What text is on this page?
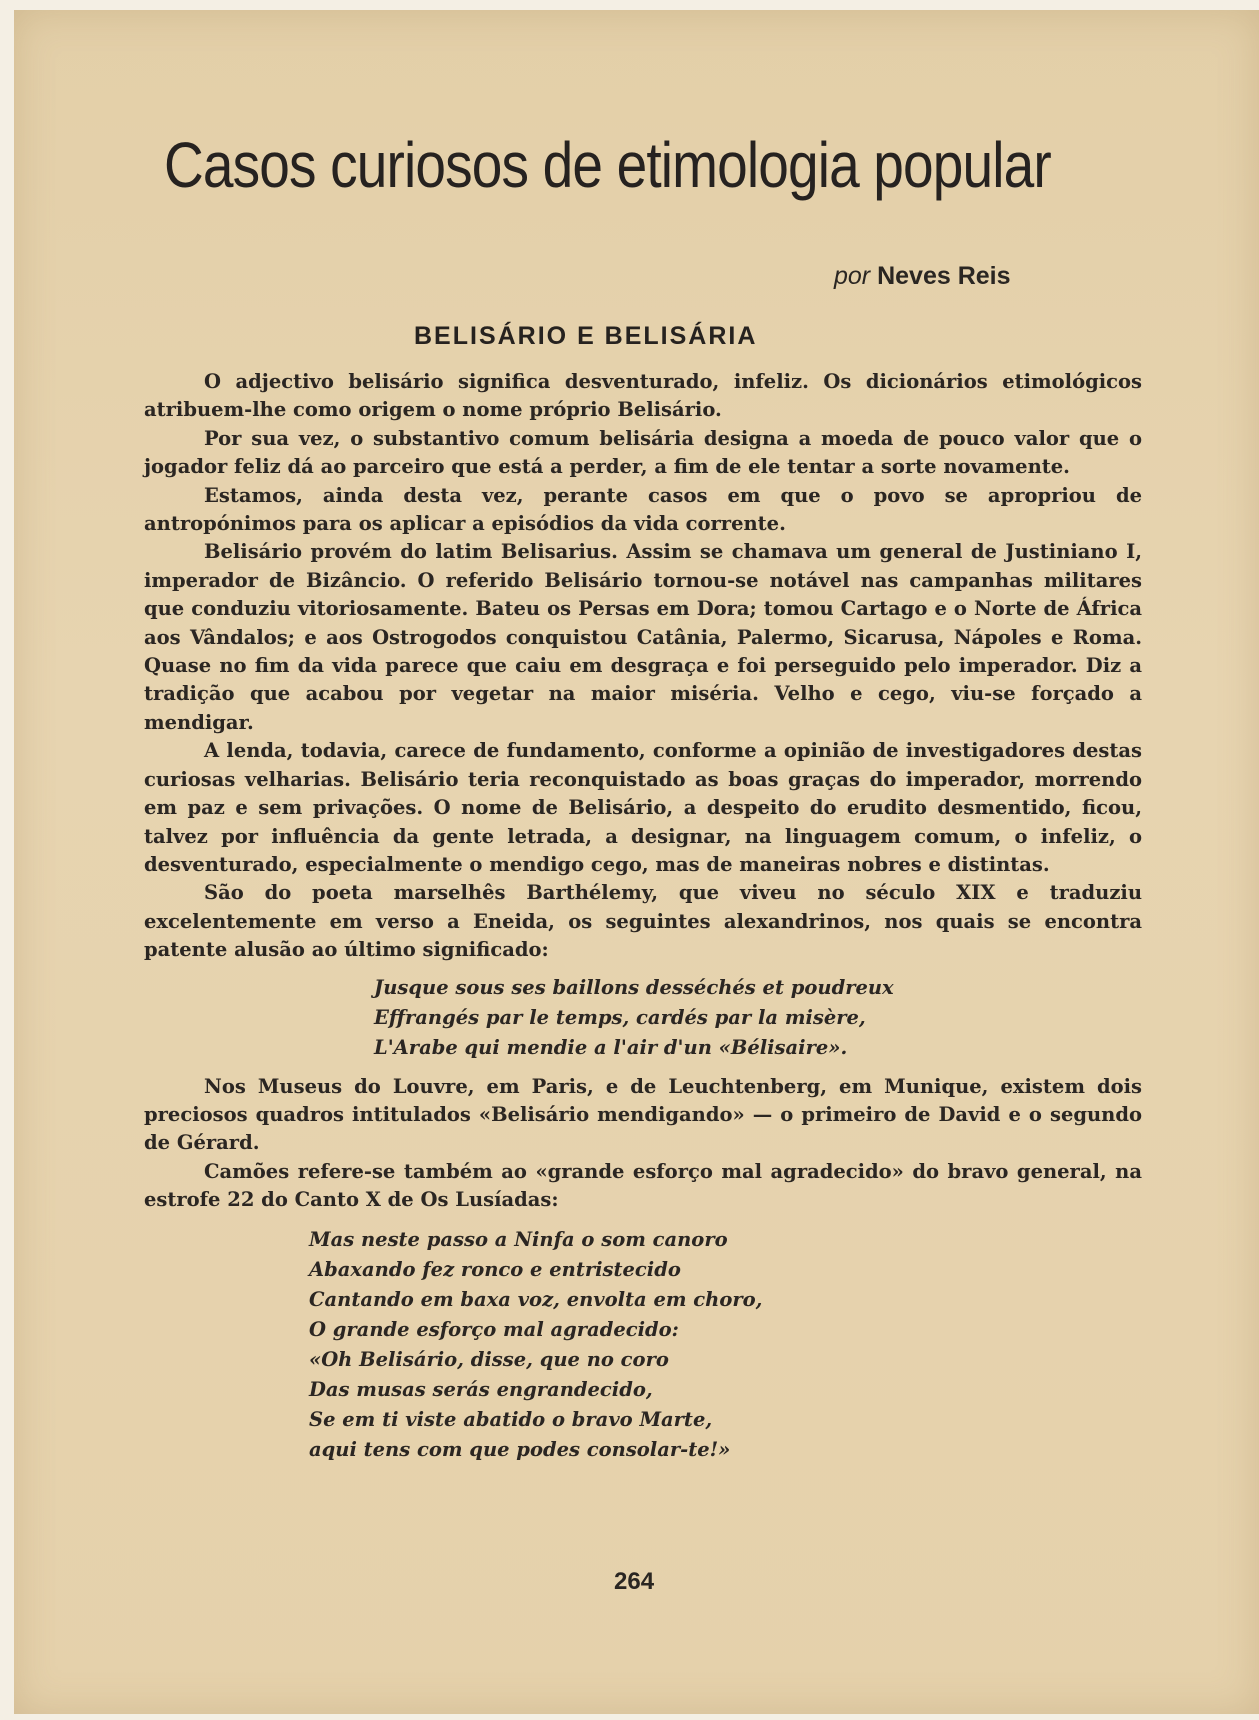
Casos curiosos de etimologia popular
por Neves Reis
BELISÁRIO E BELISÁRIA

O adjectivo belisário significa desventurado, infeliz. Os dicionários etimológicos atribuem-lhe como origem o nome próprio Belisário.

Por sua vez, o substantivo comum belisária designa a moeda de pouco valor que o jogador feliz dá ao parceiro que está a perder, a fim de ele tentar a sorte novamente.

Estamos, ainda desta vez, perante casos em que o povo se apropriou de antropónimos para os aplicar a episódios da vida corrente.

Belisário provém do latim Belisarius. Assim se chamava um general de Justiniano I, imperador de Bizâncio. O referido Belisário tornou-se notável nas campanhas militares que conduziu vitoriosamente. Bateu os Persas em Dora; tomou Cartago e o Norte de África aos Vândalos; e aos Ostrogodos conquistou Catânia, Palermo, Sicarusa, Nápoles e Roma. Quase no fim da vida parece que caiu em desgraça e foi perseguido pelo imperador. Diz a tradição que acabou por vegetar na maior miséria. Velho e cego, viu-se forçado a mendigar.

A lenda, todavia, carece de fundamento, conforme a opinião de investigadores destas curiosas velharias. Belisário teria reconquistado as boas graças do imperador, morrendo em paz e sem privações. O nome de Belisário, a despeito do erudito desmentido, ficou, talvez por influência da gente letrada, a designar, na linguagem comum, o infeliz, o desventurado, especialmente o mendigo cego, mas de maneiras nobres e distintas.

São do poeta marselhês Barthélemy, que viveu no século XIX e traduziu excelentemente em verso a Eneida, os seguintes alexandrinos, nos quais se encontra patente alusão ao último significado:

Jusque sous ses baillons desséchés et poudreux
Effrangés par le temps, cardés par la misère,
L'Arabe qui mendie a l'air d'un «Bélisaire».

Nos Museus do Louvre, em Paris, e de Leuchtenberg, em Munique, existem dois preciosos quadros intitulados «Belisário mendigando» — o primeiro de David e o segundo de Gérard.

Camões refere-se também ao «grande esforço mal agradecido» do bravo general, na estrofe 22 do Canto X de Os Lusíadas:

Mas neste passo a Ninfa o som canoro
Abaxando fez ronco e entristecido
Cantando em baxa voz, envolta em choro,
O grande esforço mal agradecido:
«Oh Belisário, disse, que no coro
Das musas serás engrandecido,
Se em ti viste abatido o bravo Marte,
aqui tens com que podes consolar-te!»
264
